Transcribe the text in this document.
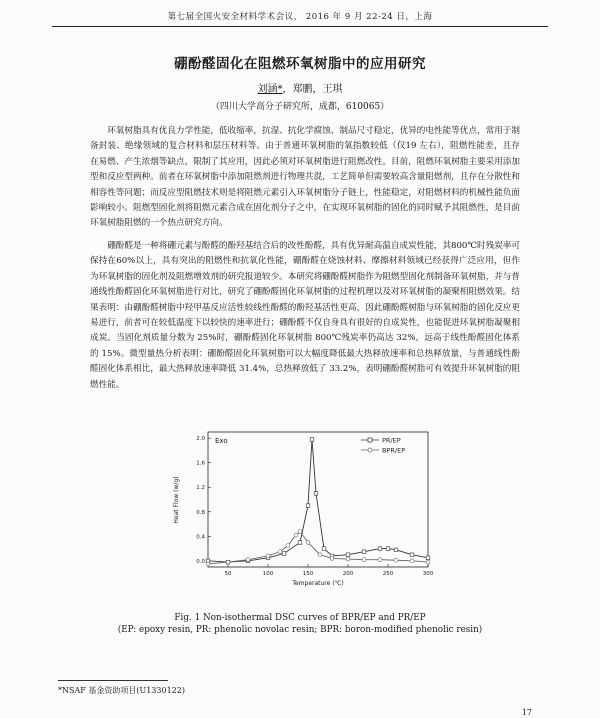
第七届全国火安全材料学术会议， 2016 年 9 月 22-24 日，上海
硼酚醛固化在阻燃环氧树脂中的应用研究
刘涵*，郑鹏，王琪
（四川大学高分子研究所，成都，610065）

环氧树脂具有优良力学性能，低收缩率，抗湿、抗化学腐蚀、制品尺寸稳定，优异的电性能等优点，常用于制备封装、绝缘领域的复合材料和层压材料等。由于普通环氧树脂的氧指数较低（仅19 左右），阻燃性能差，且存在易燃、产生浓烟等缺点，限制了其应用，因此必须对环氧树脂进行阻燃改性。目前，阻燃环氧树脂主要采用添加型和反应型两种。前者在环氧树脂中添加阻燃剂进行物理共混，工艺简单但需要较高含量阻燃剂，且存在分散性和相容性等问题；而反应型阻燃技术则是将阻燃元素引入环氧树脂分子链上，性能稳定，对阻燃材料的机械性能负面影响较小。阻燃型固化剂将阻燃元素合成在固化剂分子之中，在实现环氧树脂的固化的同时赋予其阻燃性，是目前环氧树脂阻燃的一个热点研究方向。

硼酚醛是一种将硼元素与酚醛的酚羟基结合后的改性酚醛，具有优异耐高温自成炭性能，其800℃时残炭率可保持在60%以上，具有突出的阻燃性和抗氧化性能，硼酚醛在烧蚀材料、摩擦材料领域已经获得广泛应用，但作为环氧树脂的固化剂及阻燃增效剂的研究报道较少。本研究将硼酚醛树脂作为阻燃型固化剂制备环氧树脂，并与普通线性酚醛固化环氧树脂进行对比，研究了硼酚醛固化环氧树脂的过程机理以及对环氧树脂的凝聚相阻燃效果。结果表明：由硼酚醛树脂中羟甲基反应活性较线性酚醛的酚羟基活性更高，因此硼酚醛树脂与环氧树脂的固化反应更易进行，前者可在较低温度下以较快的速率进行；硼酚醛不仅自身具有很好的自成炭性，也能促进环氧树脂凝聚相成炭。当固化剂质量分数为 25%时，硼酚醛固化环氧树脂 800℃残炭率仍高达 32%，远高于线性酚醛固化体系的 15%。微型量热分析表明：硼酚醛固化环氧树脂可以大幅度降低最大热释放速率和总热释放量，与普通线性酚醛固化体系相比，最大热释放速率降低 31.4%，总热释放低了 33.2%，表明硼酚醛树脂可有效提升环氧树脂的阻燃性能。

0.0
0.4
0.8
1.2
1.6
2.0
50	100	150	200	250	300
Exo
Temperature (℃)
Heat Flow (w/g)
PR/EP
BPR/EP
Fig. 1 Non-isothermal DSC curves of BPR/EP and PR/EP
(EP: epoxy resin, PR: phenolic novolac resin; BPR: boron-modified phenolic resin)
*NSAF 基金资助项目(U1330122)
17
